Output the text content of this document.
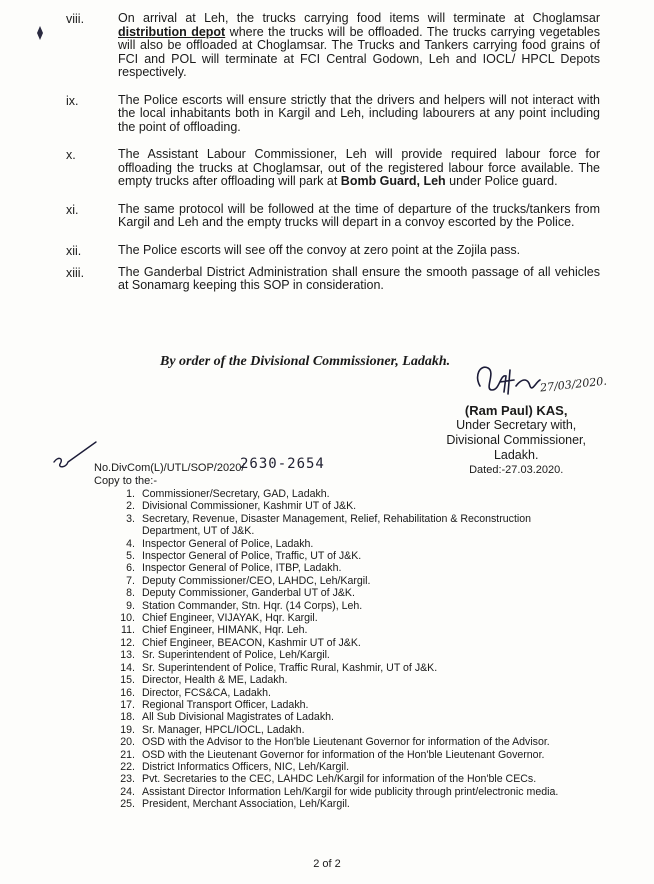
viii.	On arrival at Leh, the trucks carrying food items will terminate at Choglamsar distribution depot where the trucks will be offloaded. The trucks carrying vegetables will also be offloaded at Choglamsar. The Trucks and Tankers carrying food grains of FCI and POL will terminate at FCI Central Godown, Leh and IOCL/ HPCL Depots respectively.
ix.	The Police escorts will ensure strictly that the drivers and helpers will not interact with the local inhabitants both in Kargil and Leh, including labourers at any point including the point of offloading.
x.	The Assistant Labour Commissioner, Leh will provide required labour force for offloading the trucks at Choglamsar, out of the registered labour force available. The empty trucks after offloading will park at Bomb Guard, Leh under Police guard.
xi.	The same protocol will be followed at the time of departure of the trucks/tankers from Kargil and Leh and the empty trucks will depart in a convoy escorted by the Police.
xii.	The Police escorts will see off the convoy at zero point at the Zojila pass.
xiii.	The Ganderbal District Administration shall ensure the smooth passage of all vehicles at Sonamarg keeping this SOP in consideration.
By order of the Divisional Commissioner, Ladakh.
27/03/2020.
(Ram Paul) KAS,
Under Secretary with,
Divisional Commissioner,
Ladakh.
Dated:-27.03.2020.
No.DivCom(L)/UTL/SOP/2020/
2630-2654
Copy to the:-
1. Commissioner/Secretary, GAD, Ladakh.
2. Divisional Commissioner, Kashmir UT of J&K.
3. Secretary, Revenue, Disaster Management, Relief, Rehabilitation & Reconstruction Department, UT of J&K.
4. Inspector General of Police, Ladakh.
5. Inspector General of Police, Traffic, UT of J&K.
6. Inspector General of Police, ITBP, Ladakh.
7. Deputy Commissioner/CEO, LAHDC, Leh/Kargil.
8. Deputy Commissioner, Ganderbal UT of J&K.
9. Station Commander, Stn. Hqr. (14 Corps), Leh.
10. Chief Engineer, VIJAYAK, Hqr. Kargil.
11. Chief Engineer, HIMANK, Hqr. Leh.
12. Chief Engineer, BEACON, Kashmir UT of J&K.
13. Sr. Superintendent of Police, Leh/Kargil.
14. Sr. Superintendent of Police, Traffic Rural, Kashmir, UT of J&K.
15. Director, Health & ME, Ladakh.
16. Director, FCS&CA, Ladakh.
17. Regional Transport Officer, Ladakh.
18. All Sub Divisional Magistrates of Ladakh.
19. Sr. Manager, HPCL/IOCL, Ladakh.
20. OSD with the Advisor to the Hon'ble Lieutenant Governor for information of the Advisor.
21. OSD with the Lieutenant Governor for information of the Hon'ble Lieutenant Governor.
22. District Informatics Officers, NIC, Leh/Kargil.
23. Pvt. Secretaries to the CEC, LAHDC Leh/Kargil for information of the Hon'ble CECs.
24. Assistant Director Information Leh/Kargil for wide publicity through print/electronic media.
25. President, Merchant Association, Leh/Kargil.
2 of 2
